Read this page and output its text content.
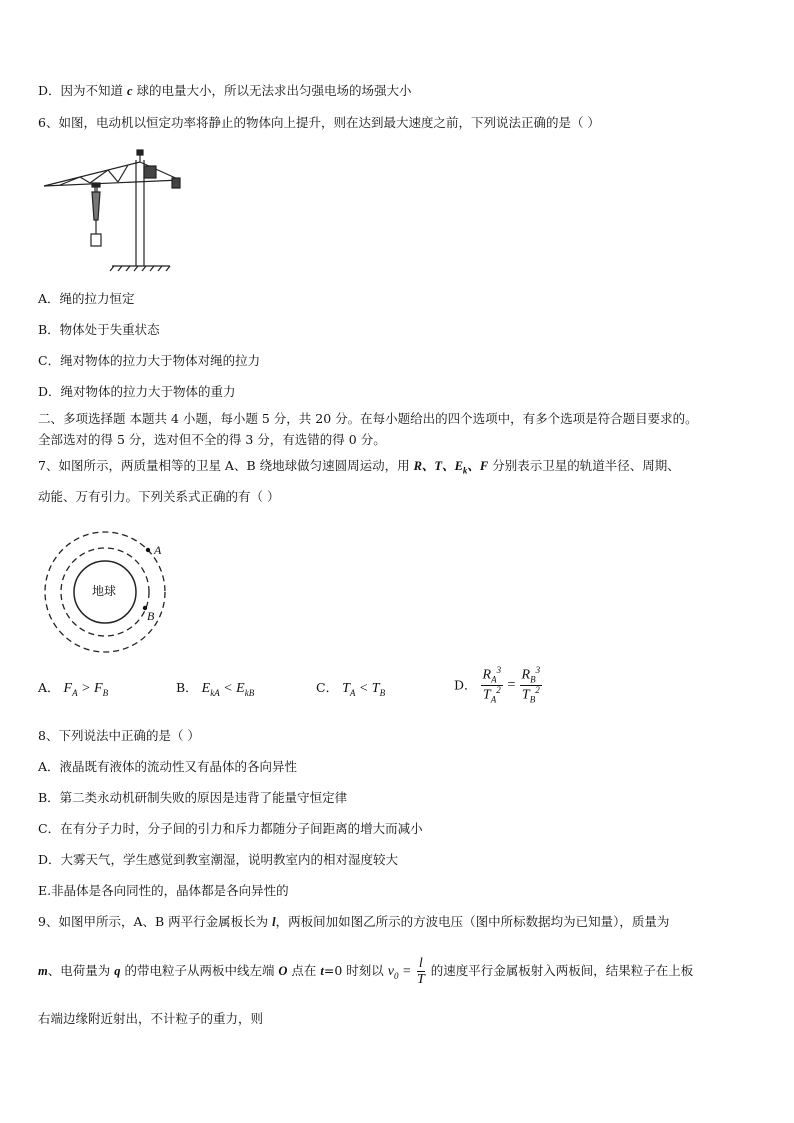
D．因为不知道 c 球的电量大小，所以无法求出匀强电场的场强大小
6、如图，电动机以恒定功率将静止的物体向上提升，则在达到最大速度之前，下列说法正确的是（ ）
A．绳的拉力恒定
B．物体处于失重状态
C．绳对物体的拉力大于物体对绳的拉力
D．绳对物体的拉力大于物体的重力
二、多项选择题 本题共 4 小题，每小题 5 分，共 20 分。在每小题给出的四个选项中，有多个选项是符合题目要求的。
全部选对的得 5 分，选对但不全的得 3 分，有选错的得 0 分。
7、如图所示，两质量相等的卫星 A、B 绕地球做匀速圆周运动，用 R、T、$E_k$、F 分别表示卫星的轨道半径、周期、
动能、万有引力。下列关系式正确的有（ ）
地球
A
B
A． $F_A > F_B$	B． $E_{kA} < E_{kB}$	C． $T_A < T_B$
D． $\frac{R_A^3}{T_A^2} = \frac{R_B^3}{T_B^2}$
8、下列说法中正确的是（ ）
A．液晶既有液体的流动性又有晶体的各向异性
B．第二类永动机研制失败的原因是违背了能量守恒定律
C．在有分子力时，分子间的引力和斥力都随分子间距离的增大而减小
D．大雾天气，学生感觉到教室潮湿，说明教室内的相对湿度较大
E.非晶体是各向同性的，晶体都是各向异性的
9、如图甲所示，A、B 两平行金属板长为 l，两板间加如图乙所示的方波电压（图中所标数据均为已知量），质量为
m、电荷量为 q 的带电粒子从两板中线左端 O 点在 t=0 时刻以 $v_0 = \frac{l}{T}$ 的速度平行金属板射入两板间，结果粒子在上板
右端边缘附近射出，不计粒子的重力，则
